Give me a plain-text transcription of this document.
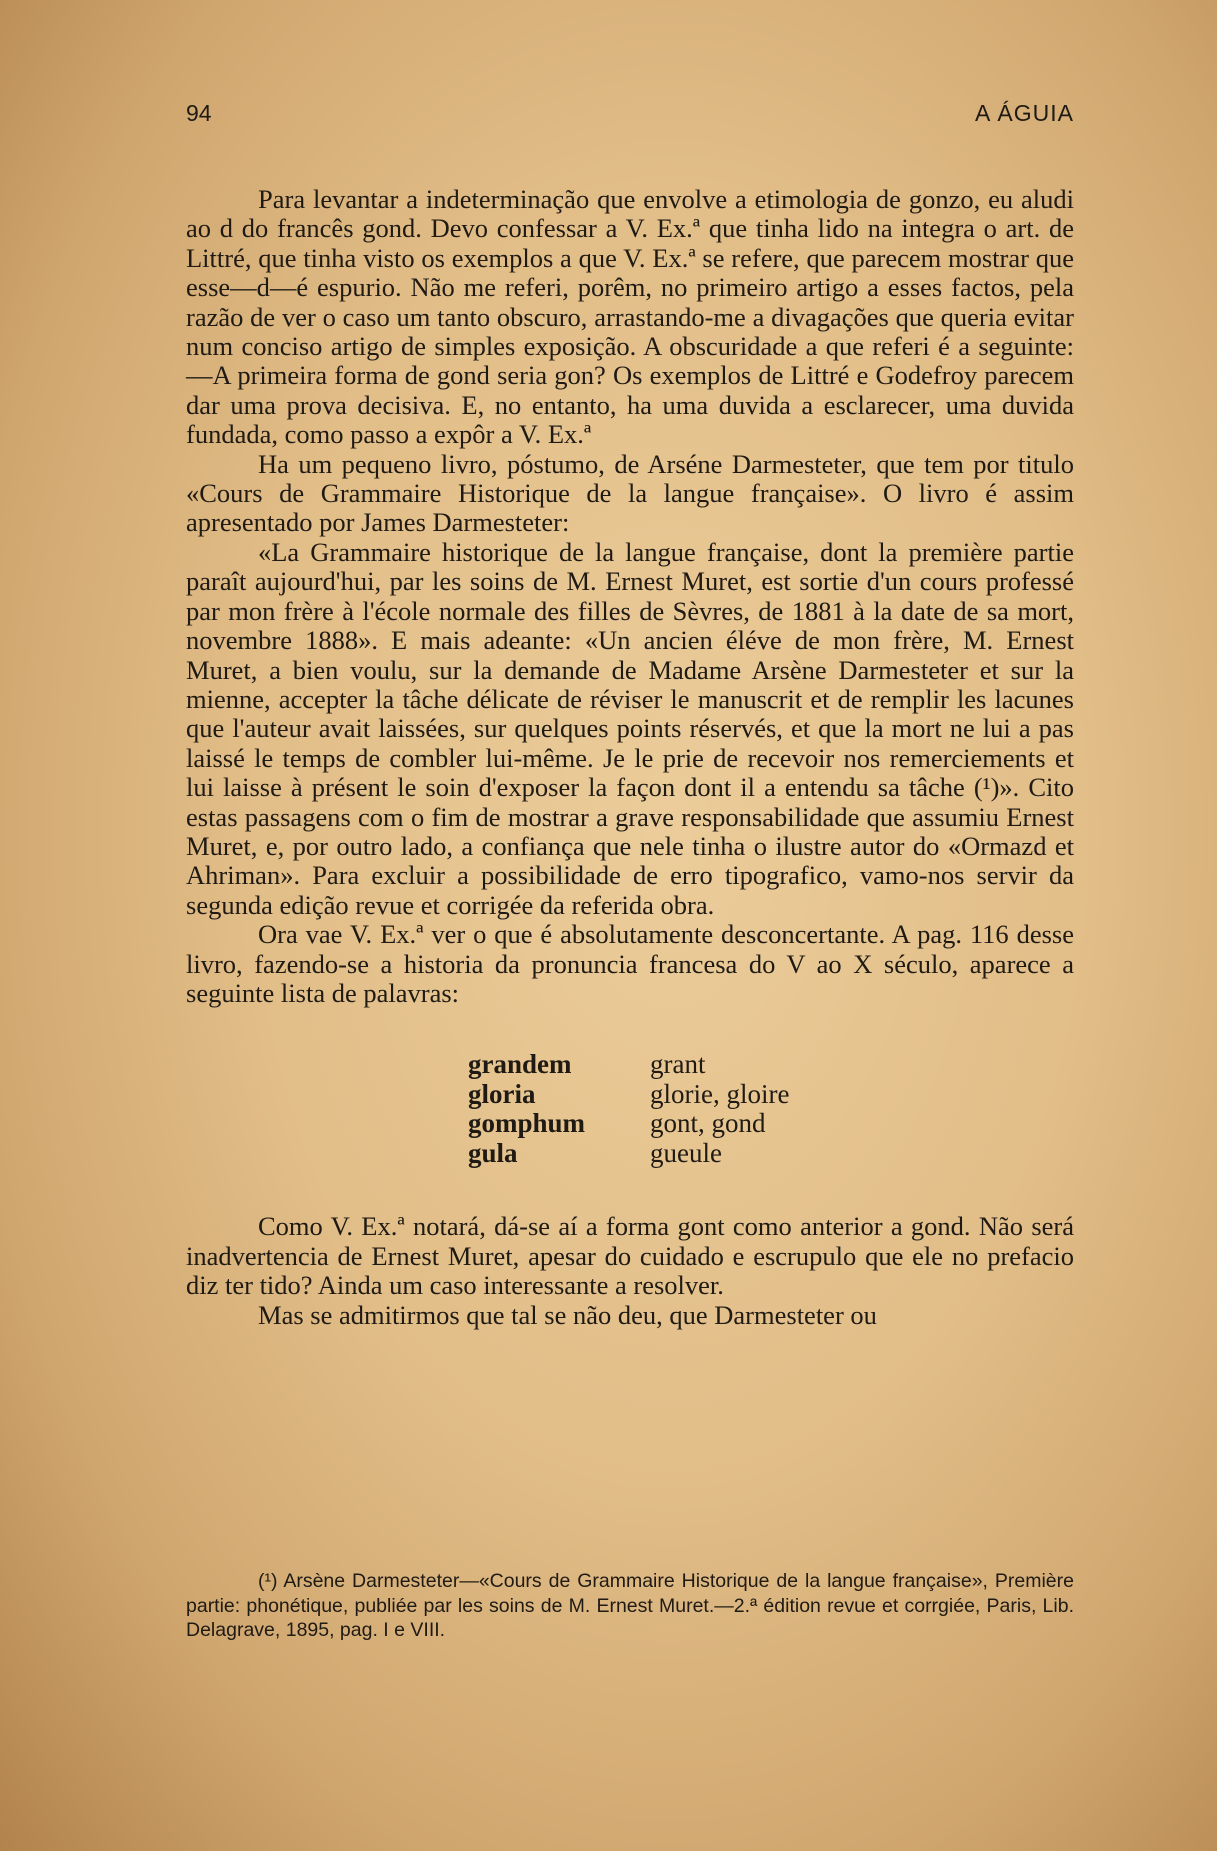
94	A ÁGUIA

Para levantar a indeterminação que envolve a etimologia de gonzo, eu aludi ao d do francês gond. Devo confessar a V. Ex.ª que tinha lido na integra o art. de Littré, que tinha visto os exemplos a que V. Ex.ª se refere, que parecem mostrar que esse—d—é espurio. Não me referi, porêm, no primeiro artigo a esses factos, pela razão de ver o caso um tanto obscuro, arrastando-me a divagações que queria evitar num conciso artigo de simples exposição. A obscuridade a que referi é a seguinte:—A primeira forma de gond seria gon? Os exemplos de Littré e Godefroy parecem dar uma prova decisiva. E, no entanto, ha uma duvida a esclarecer, uma duvida fundada, como passo a expôr a V. Ex.ª

Ha um pequeno livro, póstumo, de Arséne Darmesteter, que tem por titulo «Cours de Grammaire Historique de la langue française». O livro é assim apresentado por James Darmesteter:

«La Grammaire historique de la langue française, dont la première partie paraît aujourd'hui, par les soins de M. Ernest Muret, est sortie d'un cours professé par mon frère à l'école normale des filles de Sèvres, de 1881 à la date de sa mort, novembre 1888». E mais adeante: «Un ancien éléve de mon frère, M. Ernest Muret, a bien voulu, sur la demande de Madame Arsène Darmesteter et sur la mienne, accepter la tâche délicate de réviser le manuscrit et de remplir les lacunes que l'auteur avait laissées, sur quelques points réservés, et que la mort ne lui a pas laissé le temps de combler lui-même. Je le prie de recevoir nos remerciements et lui laisse à présent le soin d'exposer la façon dont il a entendu sa tâche (¹)». Cito estas passagens com o fim de mostrar a grave responsabilidade que assumiu Ernest Muret, e, por outro lado, a confiança que nele tinha o ilustre autor do «Ormazd et Ahriman». Para excluir a possibilidade de erro tipografico, vamo-nos servir da segunda edição revue et corrigée da referida obra.

Ora vae V. Ex.ª ver o que é absolutamente desconcertante. A pag. 116 desse livro, fazendo-se a historia da pronuncia francesa do V ao X século, aparece a seguinte lista de palavras:

grandem	grant
gloria	glorie, gloire
gomphum	gont, gond
gula	gueule

Como V. Ex.ª notará, dá-se aí a forma gont como anterior a gond. Não será inadvertencia de Ernest Muret, apesar do cuidado e escrupulo que ele no prefacio diz ter tido? Ainda um caso interessante a resolver.

Mas se admitirmos que tal se não deu, que Darmesteter ou

(¹) Arsène Darmesteter—«Cours de Grammaire Historique de la langue française», Première partie: phonétique, publiée par les soins de M. Ernest Muret.—2.ª édition revue et corrgiée, Paris, Lib. Delagrave, 1895, pag. I e VIII.
